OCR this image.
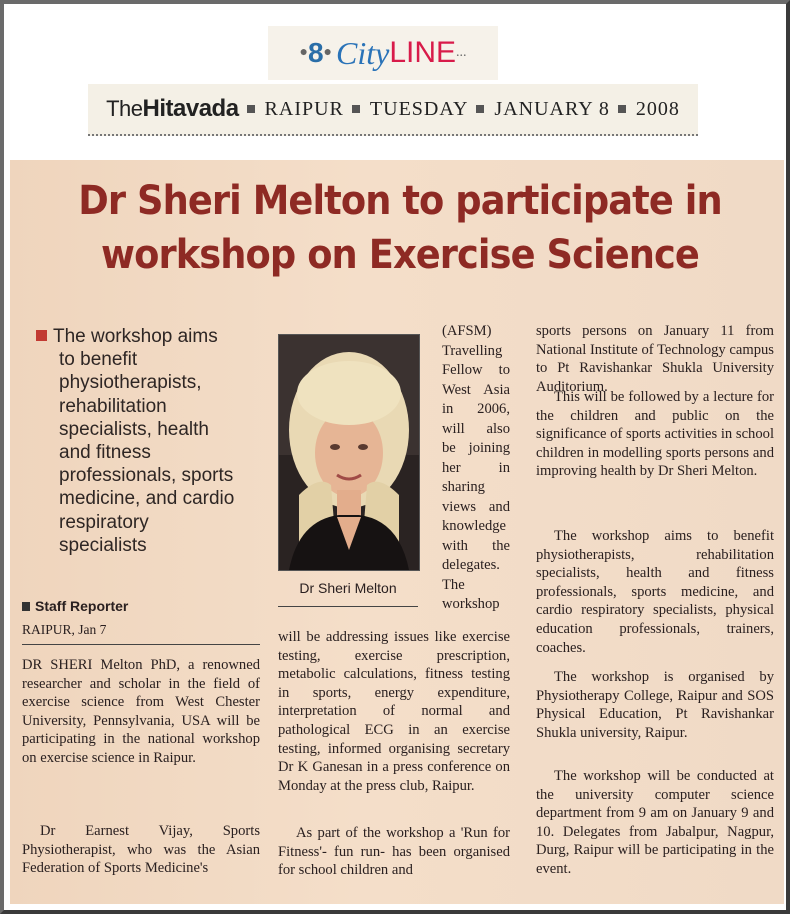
● 8 ● City LINE ...
TheHitavada RAIPUR TUESDAY JANUARY 8 2008
Dr Sheri Melton to participate in
workshop on Exercise Science
The workshop aims
to benefit
physiotherapists,
rehabilitation
specialists, health
and fitness
professionals, sports
medicine, and cardio
respiratory
specialists
Staff Reporter
RAIPUR, Jan 7
DR SHERI Melton PhD, a renowned researcher and scholar in the field of exercise science from West Chester University, Pennsylvania, USA will be participating in the national workshop on exercise science in Raipur.
Dr Earnest Vijay, Sports Physiotherapist, who was the Asian Federation of Sports Medicine's
Dr Sheri Melton
(AFSM)
Travelling
Fellow to
West Asia
in 2006,
will also
be joining
her in
sharing
views and
knowledge
with the
delegates.
The
workshop
will be addressing issues like exercise testing, exercise prescription, metabolic calculations, fitness testing in sports, energy expenditure, interpretation of normal and pathological ECG in an exercise testing, informed organising secretary Dr K Ganesan in a press conference on Monday at the press club, Raipur.
As part of the workshop a 'Run for Fitness'- fun run- has been organised for school children and
sports persons on January 11 from National Institute of Technology campus to Pt Ravishankar Shukla University Auditorium.
This will be followed by a lecture for the children and public on the significance of sports activities in school children in modelling sports persons and improving health by Dr Sheri Melton.
The workshop aims to benefit physiotherapists, rehabilitation specialists, health and fitness professionals, sports medicine, and cardio respiratory specialists, physical education professionals, trainers, coaches.
The workshop is organised by Physiotherapy College, Raipur and SOS Physical Education, Pt Ravishankar Shukla university, Raipur.
The workshop will be conducted at the university computer science department from 9 am on January 9 and 10. Delegates from Jabalpur, Nagpur, Durg, Raipur will be participating in the event.
